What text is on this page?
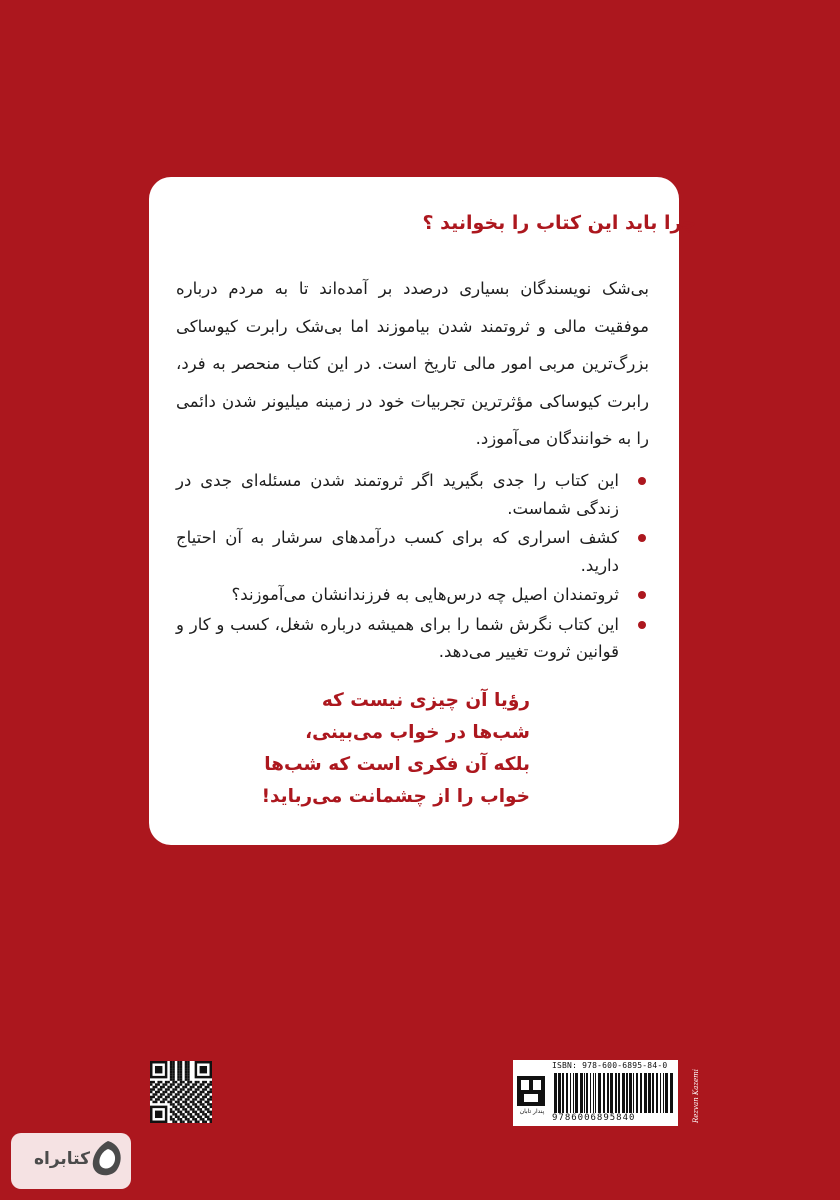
چرا باید این کتاب را بخوانید ؟
بی‌شک نویسندگان بسیاری درصدد بر آمده‌اند تا به مردم درباره موفقیت مالی و ثروتمند شدن بیاموزند اما بی‌شک رابرت کیوساکی بزرگ‌ترین مربی امور مالی تاریخ است. در این کتاب منحصر به فرد، رابرت کیوساکی مؤثرترین تجربیات خود در زمینه میلیونر شدن دائمی را به خوانندگان می‌آموزد.
این کتاب را جدی بگیرید اگر ثروتمند شدن مسئله‌ای جدی در زندگی شماست.
کشف اسراری که برای کسب درآمدهای سرشار به آن احتیاج دارید.
ثروتمندان اصیل چه درس‌هایی به فرزندانشان می‌آموزند؟
این کتاب نگرش شما را برای همیشه درباره شغل، کسب و کار و قوانین ثروت تغییر می‌دهد.
رؤیا آن چیزی نیست که
شب‌ها در خواب می‌بینی،
بلکه آن فکری است که شب‌ها
خواب را از چشمانت می‌رباید!
ISBN: 978-600-6895-84-0
9786006895840
پندار تابان	Rezvan Kazemi
کتابراه
